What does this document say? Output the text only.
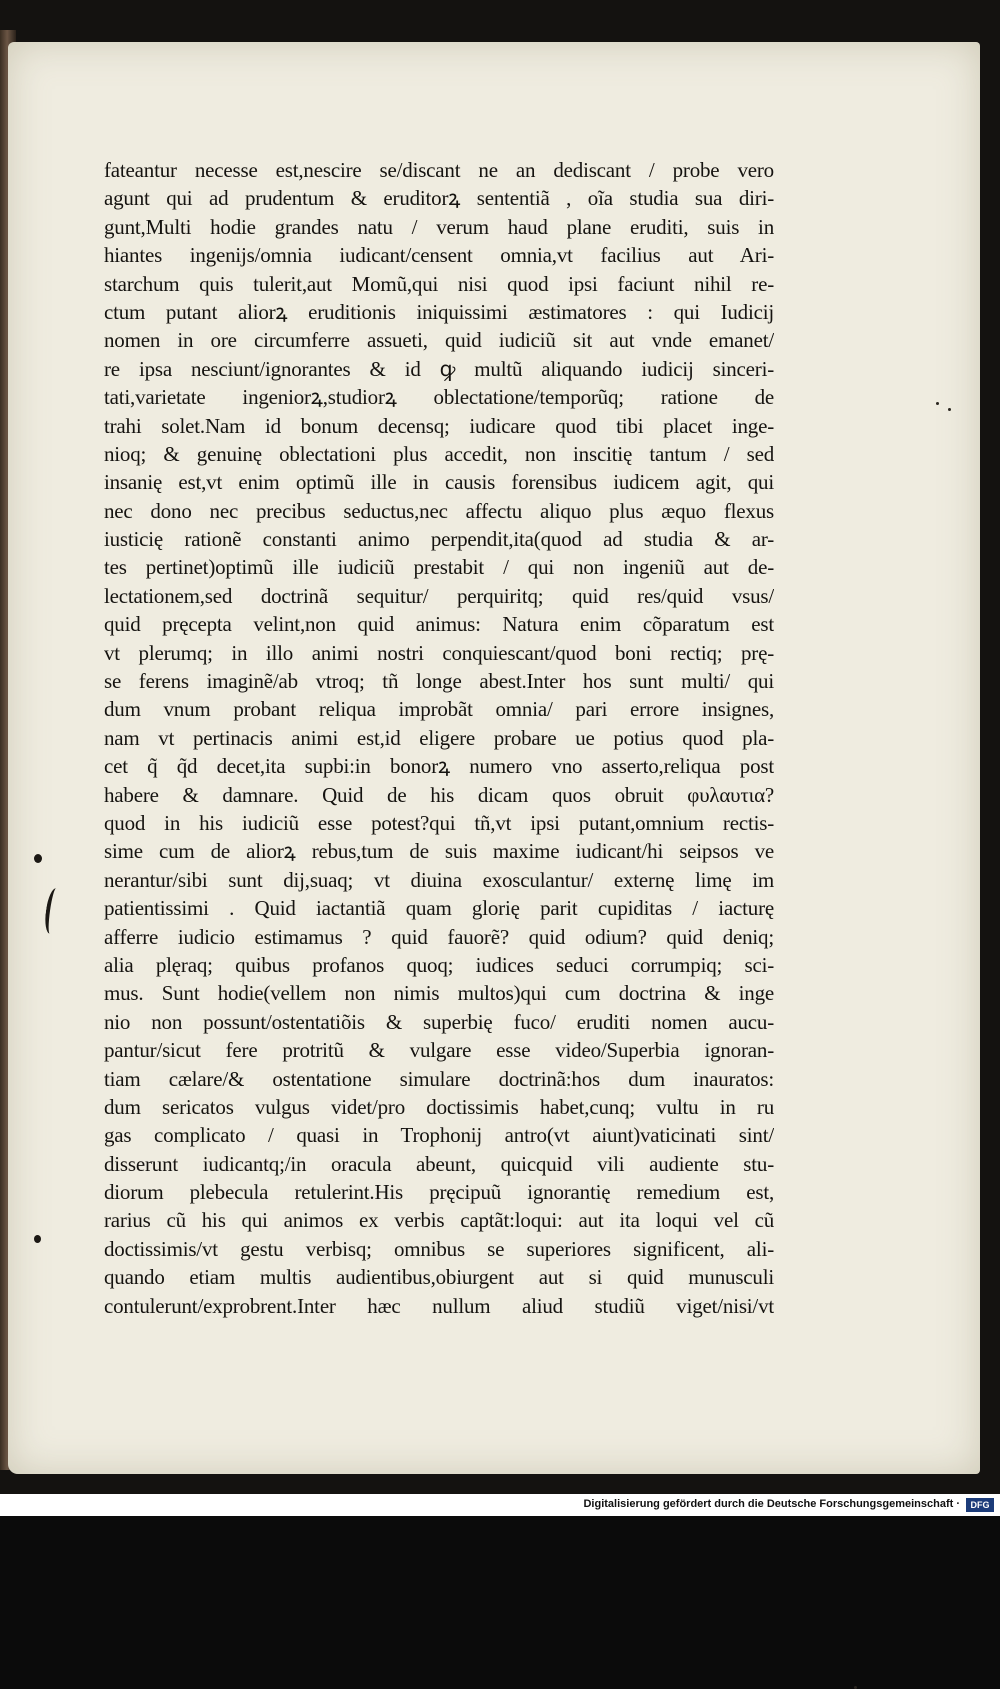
fateantur necesse est,nescire se/discant ne an dediscant / probe vero
agunt qui ad prudentum & eruditorꝝ sententiã , oĩa studia sua diri-
gunt,Multi hodie grandes natu / verum haud plane eruditi, suis in
hiantes ingenijs/omnia iudicant/censent omnia,vt facilius aut Ari-
starchum quis tulerit,aut Momũ,qui nisi quod ipsi faciunt nihil re-
ctum putant aliorꝝ eruditionis iniquissimi æstimatores : qui Iudicij
nomen in ore circumferre assueti, quid iudiciũ sit aut vnde emanet/
re ipsa nesciunt/ignorantes & id ꝙ multũ aliquando iudicij sinceri-
tati,varietate ingeniorꝝ,studiorꝝ oblectatione/temporũq; ratione de
trahi solet.Nam id bonum decensq; iudicare quod tibi placet inge-
nioq; & genuinę oblectationi plus accedit, non inscitię tantum / sed
insanię est,vt enim optimũ ille in causis forensibus iudicem agit, qui
nec dono nec precibus seductus,nec affectu aliquo plus æquo flexus
iusticię rationẽ constanti animo perpendit,ita(quod ad studia & ar-
tes pertinet)optimũ ille iudiciũ prestabit / qui non ingeniũ aut de-
lectationem,sed doctrinã sequitur/ perquiritq; quid res/quid vsus/
quid pręcepta velint,non quid animus: Natura enim cõparatum est
vt plerumq; in illo animi nostri conquiescant/quod boni rectiq; prę-
se ferens imaginẽ/ab vtroq; tñ longe abest.Inter hos sunt multi/ qui
dum vnum probant reliqua improbãt omnia/ pari errore insignes,
nam vt pertinacis animi est,id eligere probare ue potius quod pla-
cet q̃ q̃d decet,ita supbi:in bonorꝝ numero vno asserto,reliqua post
habere & damnare. Quid de his dicam quos obruit φυλαυτια?
quod in his iudiciũ esse potest?qui tñ,vt ipsi putant,omnium rectis-
sime cum de aliorꝝ rebus,tum de suis maxime iudicant/hi seipsos ve
nerantur/sibi sunt dij,suaq; vt diuina exosculantur/ externę limę im
patientissimi . Quid iactantiã quam glorię parit cupiditas / iacturę
afferre iudicio estimamus ? quid fauorẽ? quid odium? quid deniq;
alia plęraq; quibus profanos quoq; iudices seduci corrumpiq; sci-
mus. Sunt hodie(vellem non nimis multos)qui cum doctrina & inge
nio non possunt/ostentatiõis & superbię fuco/ eruditi nomen aucu-
pantur/sicut fere protritũ & vulgare esse video/Superbia ignoran-
tiam cælare/& ostentatione simulare doctrinã:hos dum inauratos:
dum sericatos vulgus videt/pro doctissimis habet,cunq; vultu in ru
gas complicato / quasi in Trophonij antro(vt aiunt)vaticinati sint/
disserunt iudicantq;/in oracula abeunt, quicquid vili audiente stu-
diorum plebecula retulerint.His pręcipuũ ignorantię remedium est,
rarius cũ his qui animos ex verbis captãt:loqui: aut ita loqui vel cũ
doctissimis/vt gestu verbisq; omnibus se superiores significent, ali-
quando etiam multis audientibus,obiurgent aut si quid munusculi
contulerunt/exprobrent.Inter hæc nullum aliud studiũ viget/nisi/vt
Digitalisierung gefördert durch die Deutsche Forschungsgemeinschaft ·	DFG
